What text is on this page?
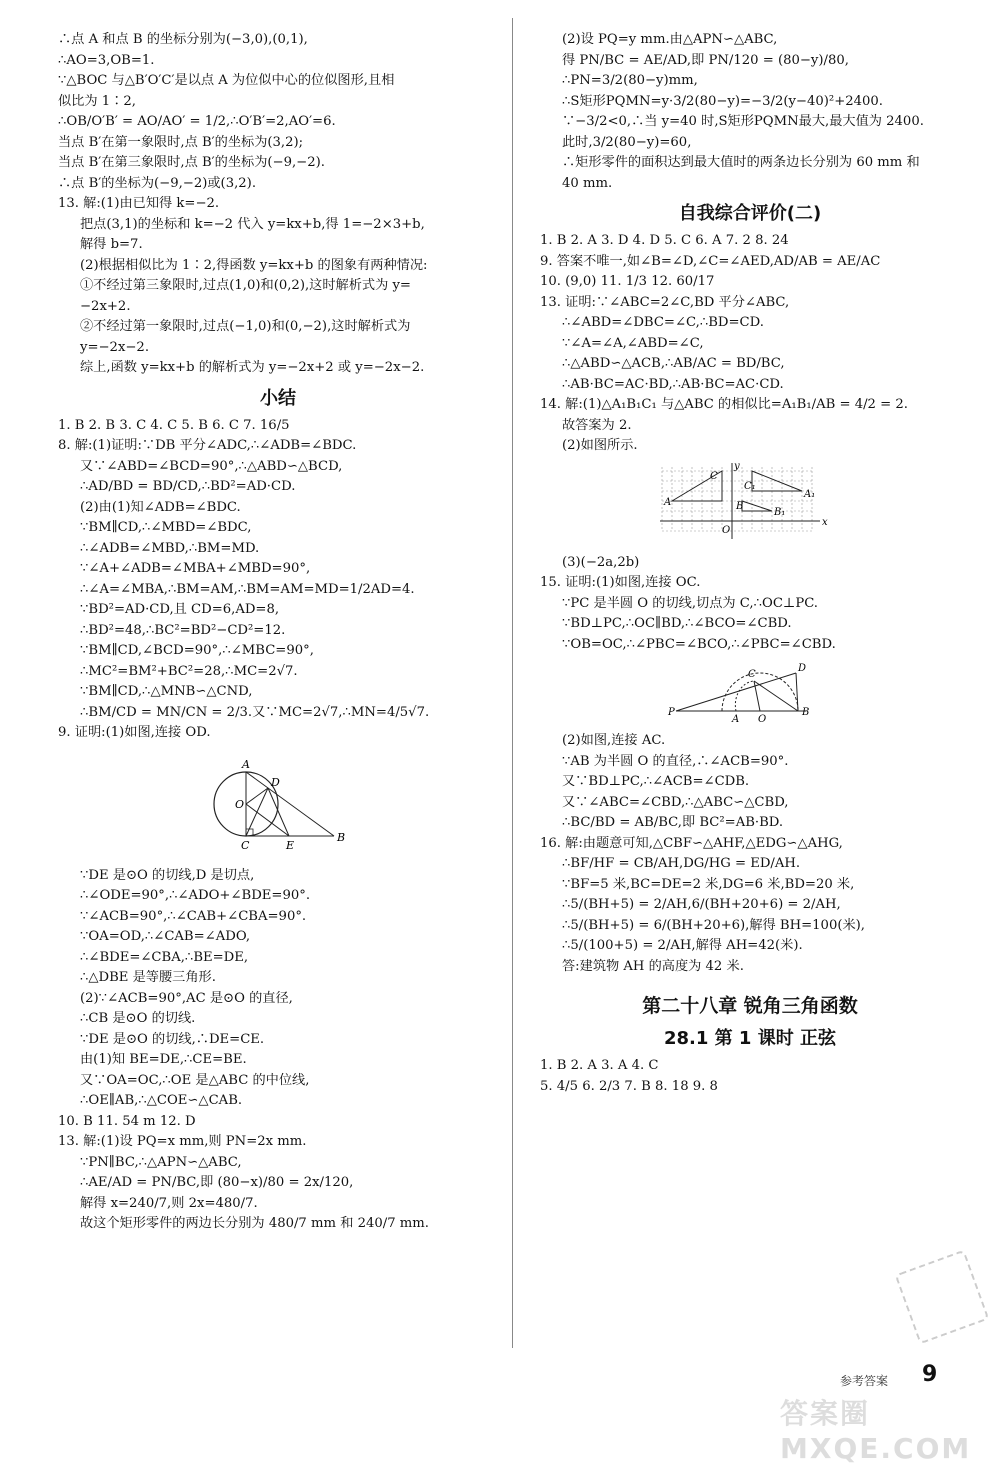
∴点 A 和点 B 的坐标分别为(−3,0),(0,1),
∴AO=3,OB=1.
∵△BOC 与△B′O′C′是以点 A 为位似中心的位似图形,且相
似比为 1∶2,
∴OB/O′B′ = AO/AO′ = 1/2,∴O′B′=2,AO′=6.
当点 B′在第一象限时,点 B′的坐标为(3,2);
当点 B′在第三象限时,点 B′的坐标为(−9,−2).
∴点 B′的坐标为(−9,−2)或(3,2).
13. 解:(1)由已知得 k=−2.
把点(3,1)的坐标和 k=−2 代入 y=kx+b,得 1=−2×3+b,
解得 b=7.
(2)根据相似比为 1∶2,得函数 y=kx+b 的图象有两种情况:
①不经过第三象限时,过点(1,0)和(0,2),这时解析式为 y=
−2x+2.
②不经过第一象限时,过点(−1,0)和(0,−2),这时解析式为
y=−2x−2.
综上,函数 y=kx+b 的解析式为 y=−2x+2 或 y=−2x−2.
小结
1. B 2. B 3. C 4. C 5. B 6. C 7. 16/5
8. 解:(1)证明:∵DB 平分∠ADC,∴∠ADB=∠BDC.
又∵∠ABD=∠BCD=90°,∴△ABD∽△BCD,
∴AD/BD = BD/CD,∴BD²=AD·CD.
(2)由(1)知∠ADB=∠BDC.
∵BM∥CD,∴∠MBD=∠BDC,
∴∠ADB=∠MBD,∴BM=MD.
∵∠A+∠ADB=∠MBA+∠MBD=90°,
∴∠A=∠MBA,∴BM=AM,∴BM=AM=MD=1/2AD=4.
∵BD²=AD·CD,且 CD=6,AD=8,
∴BD²=48,∴BC²=BD²−CD²=12.
∵BM∥CD,∠BCD=90°,∴∠MBC=90°,
∴MC²=BM²+BC²=28,∴MC=2√7.
∵BM∥CD,∴△MNB∽△CND,
∴BM/CD = MN/CN = 2/3.又∵MC=2√7,∴MN=4/5√7.
9. 证明:(1)如图,连接 OD.
A
D
O
C	E
B
∵DE 是⊙O 的切线,D 是切点,
∴∠ODE=90°,∴∠ADO+∠BDE=90°.
∵∠ACB=90°,∴∠CAB+∠CBA=90°.
∵OA=OD,∴∠CAB=∠ADO,
∴∠BDE=∠CBA,∴BE=DE,
∴△DBE 是等腰三角形.
(2)∵∠ACB=90°,AC 是⊙O 的直径,
∴CB 是⊙O 的切线.
∵DE 是⊙O 的切线,∴DE=CE.
由(1)知 BE=DE,∴CE=BE.
又∵OA=OC,∴OE 是△ABC 的中位线,
∴OE∥AB,∴△COE∽△CAB.
10. B 11. 54 m 12. D
13. 解:(1)设 PQ=x mm,则 PN=2x mm.
∵PN∥BC,∴△APN∽△ABC,
∴AE/AD = PN/BC,即 (80−x)/80 = 2x/120,
解得 x=240/7,则 2x=480/7.
故这个矩形零件的两边长分别为 480/7 mm 和 240/7 mm.
(2)设 PQ=y mm.由△APN∽△ABC,
得 PN/BC = AE/AD,即 PN/120 = (80−y)/80,
∴PN=3/2(80−y)mm,
∴S矩形PQMN=y·3/2(80−y)=−3/2(y−40)²+2400.
∵−3/2<0,∴当 y=40 时,S矩形PQMN最大,最大值为 2400.
此时,3/2(80−y)=60,
∴矩形零件的面积达到最大值时的两条边长分别为 60 mm 和
40 mm.
自我综合评价(二)
1. B 2. A 3. D 4. D 5. C 6. A 7. 2 8. 24
9. 答案不唯一,如∠B=∠D,∠C=∠AED,AD/AB = AE/AC
10. (9,0) 11. 1/3 12. 60/17
13. 证明:∵∠ABC=2∠C,BD 平分∠ABC,
∴∠ABD=∠DBC=∠C,∴BD=CD.
∵∠A=∠A,∠ABD=∠C,
∴△ABD∽△ACB,∴AB/AC = BD/BC,
∴AB·BC=AC·BD,∴AB·BC=AC·CD.
14. 解:(1)△A₁B₁C₁ 与△ABC 的相似比=A₁B₁/AB = 4/2 = 2.
故答案为 2.
(2)如图所示.
y
A
C
C₁
A₁
B
B₁
O
x
(3)(−2a,2b)
15. 证明:(1)如图,连接 OC.
∵PC 是半圆 O 的切线,切点为 C,∴OC⊥PC.
∵BD⊥PC,∴OC∥BD,∴∠BCO=∠CBD.
∵OB=OC,∴∠PBC=∠BCO,∴∠PBC=∠CBD.
D
C
P
A O
B
(2)如图,连接 AC.
∵AB 为半圆 O 的直径,∴∠ACB=90°.
又∵BD⊥PC,∴∠ACB=∠CDB.
又∵∠ABC=∠CBD,∴△ABC∽△CBD,
∴BC/BD = AB/BC,即 BC²=AB·BD.
16. 解:由题意可知,△CBF∽△AHF,△EDG∽△AHG,
∴BF/HF = CB/AH,DG/HG = ED/AH.
∵BF=5 米,BC=DE=2 米,DG=6 米,BD=20 米,
∴5/(BH+5) = 2/AH,6/(BH+20+6) = 2/AH,
∴5/(BH+5) = 6/(BH+20+6),解得 BH=100(米),
∴5/(100+5) = 2/AH,解得 AH=42(米).
答:建筑物 AH 的高度为 42 米.
第二十八章 锐角三角函数
28.1 第 1 课时 正弦
1. B 2. A 3. A 4. C
5. 4/5 6. 2/3 7. B 8. 18 9. 8
参考答案 9
答案圈 MXQE.COM
